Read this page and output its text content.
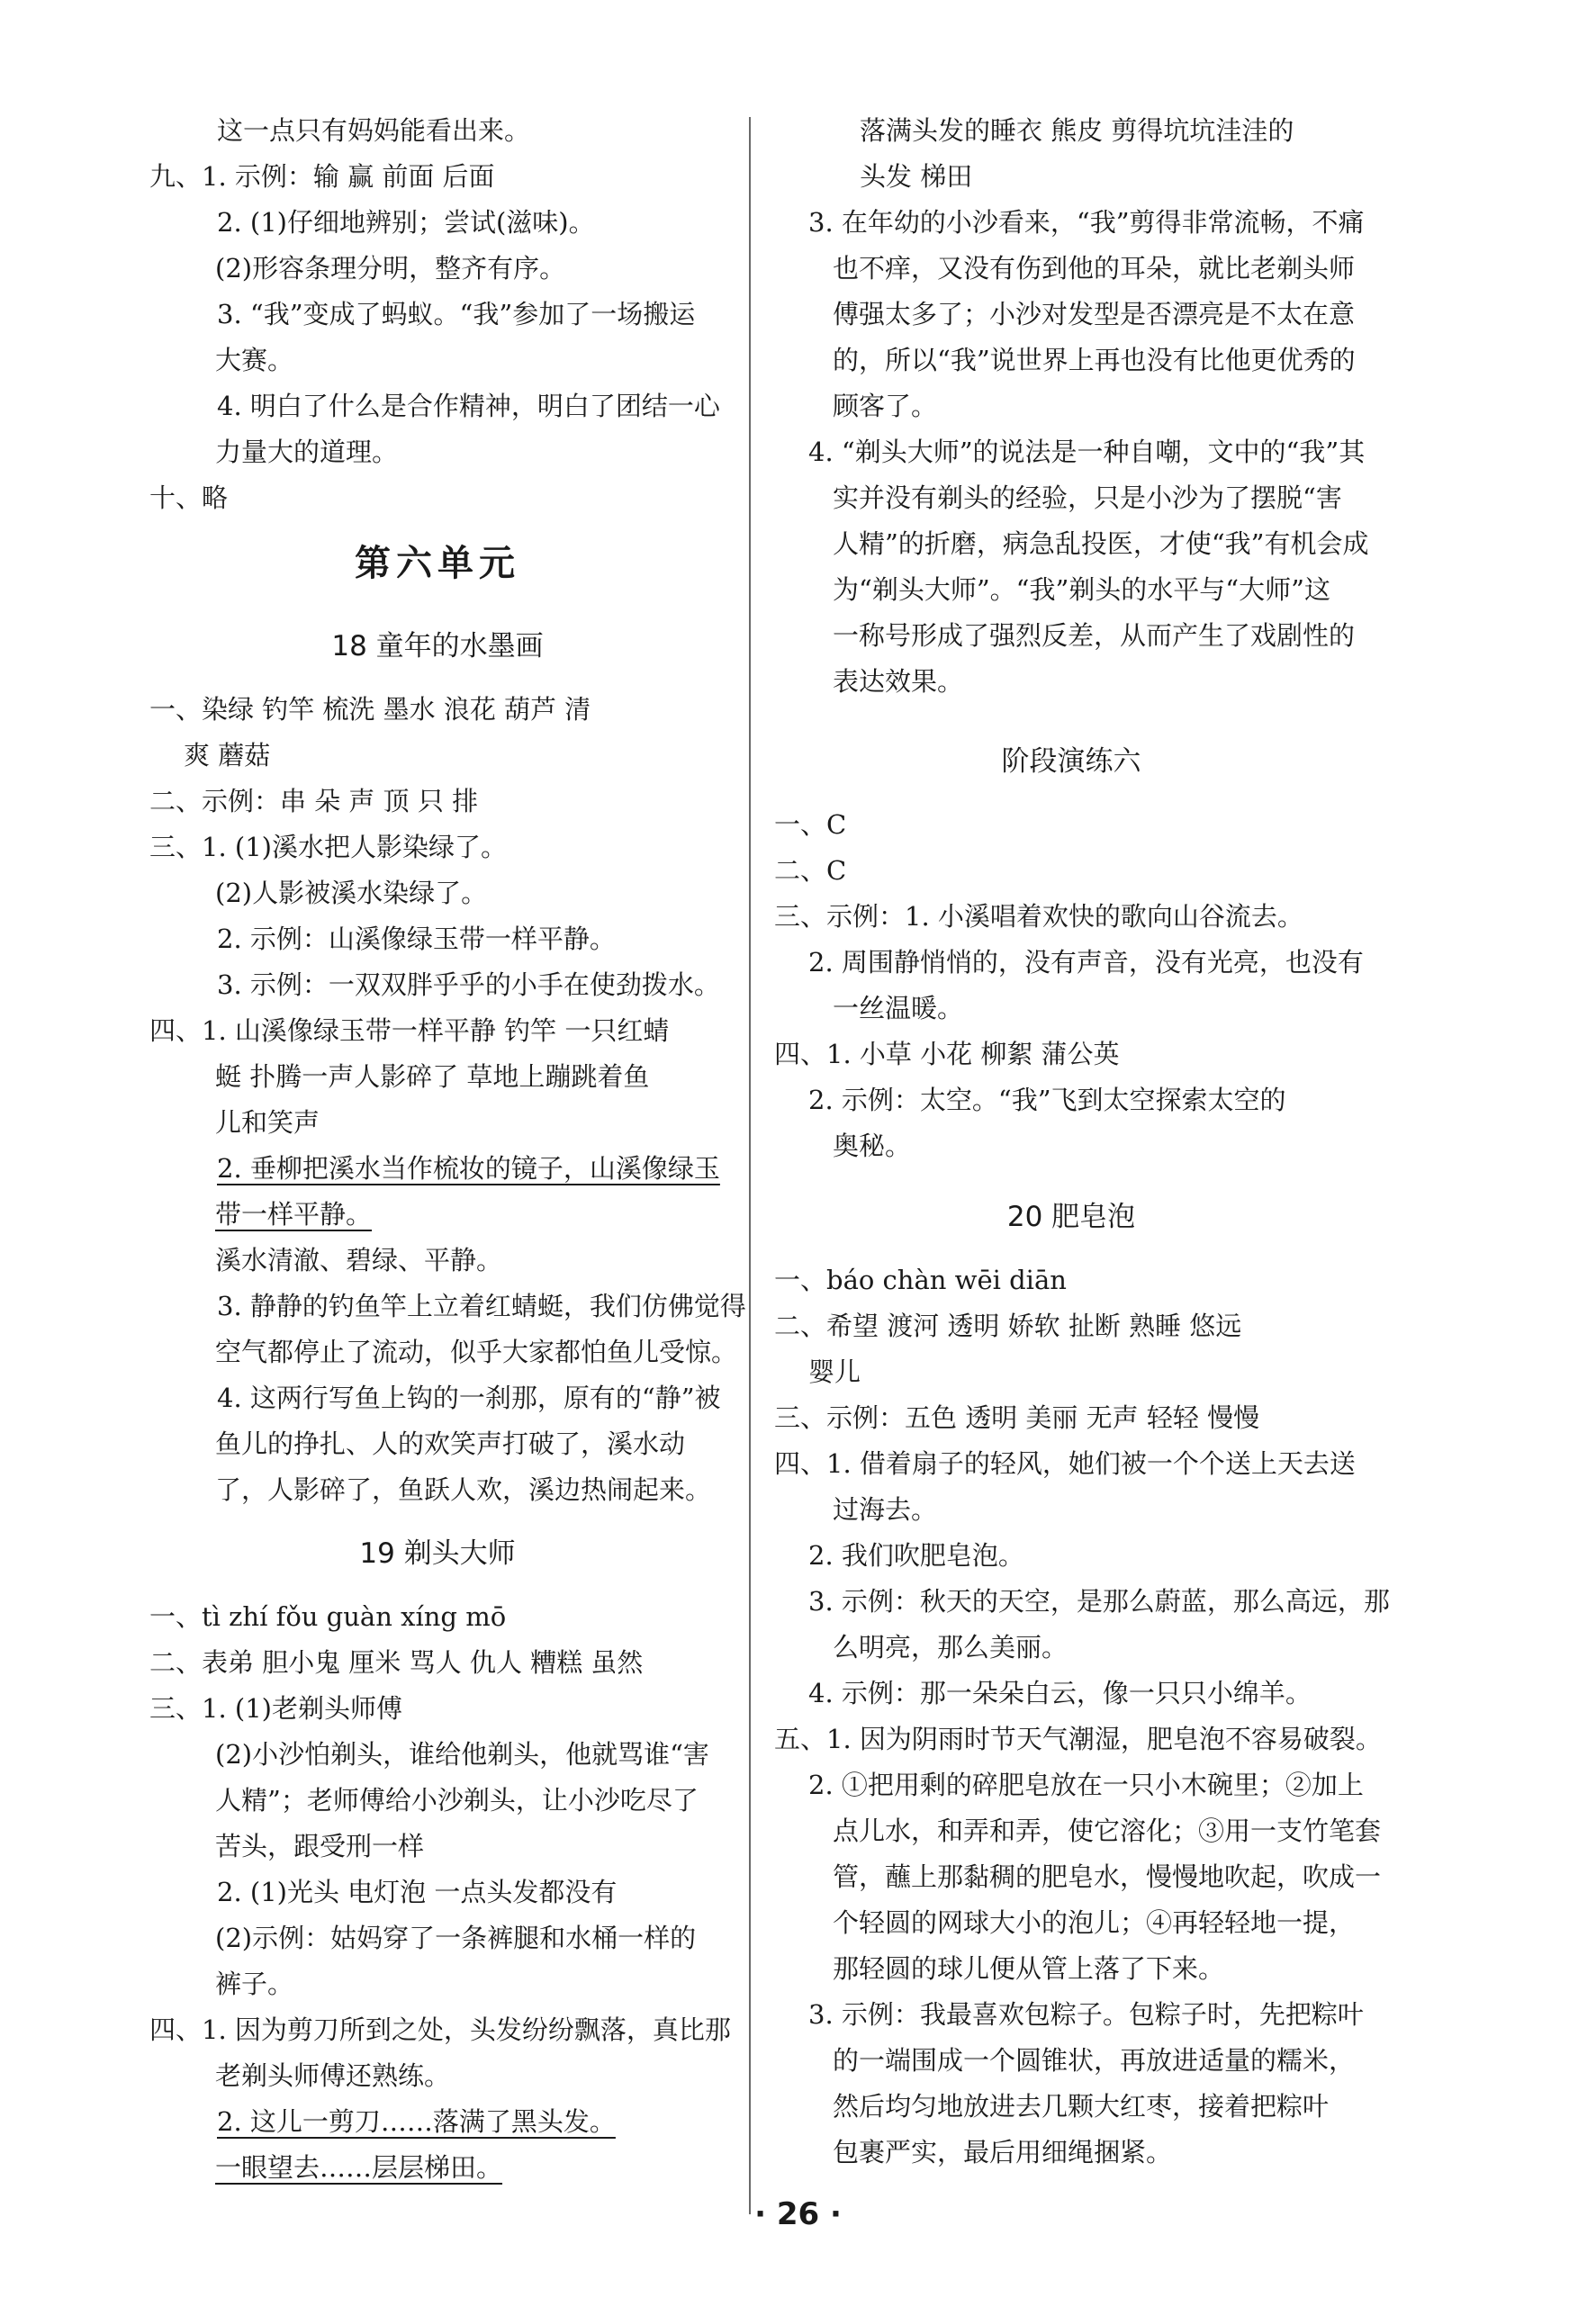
这一点只有妈妈能看出来。
九、1. 示例：输 赢 前面 后面
2. (1)仔细地辨别；尝试(滋味)。
(2)形容条理分明，整齐有序。
3. “我”变成了蚂蚁。“我”参加了一场搬运
大赛。
4. 明白了什么是合作精神，明白了团结一心
力量大的道理。
十、略
第六单元
18 童年的水墨画
一、染绿 钓竿 梳洗 墨水 浪花 葫芦 清
爽 蘑菇
二、示例：串 朵 声 顶 只 排
三、1. (1)溪水把人影染绿了。
(2)人影被溪水染绿了。
2. 示例：山溪像绿玉带一样平静。
3. 示例：一双双胖乎乎的小手在使劲拨水。
四、1. 山溪像绿玉带一样平静 钓竿 一只红蜻
蜓 扑腾一声人影碎了 草地上蹦跳着鱼
儿和笑声
2. 垂柳把溪水当作梳妆的镜子，山溪像绿玉
带一样平静。
溪水清澈、碧绿、平静。
3. 静静的钓鱼竿上立着红蜻蜓，我们仿佛觉得
空气都停止了流动，似乎大家都怕鱼儿受惊。
4. 这两行写鱼上钩的一刹那，原有的“静”被
鱼儿的挣扎、人的欢笑声打破了，溪水动
了，人影碎了，鱼跃人欢，溪边热闹起来。
19 剃头大师
一、tì zhí fǒu guàn xíng mō
二、表弟 胆小鬼 厘米 骂人 仇人 糟糕 虽然
三、1. (1)老剃头师傅
(2)小沙怕剃头，谁给他剃头，他就骂谁“害
人精”；老师傅给小沙剃头，让小沙吃尽了
苦头，跟受刑一样
2. (1)光头 电灯泡 一点头发都没有
(2)示例：姑妈穿了一条裤腿和水桶一样的
裤子。
四、1. 因为剪刀所到之处，头发纷纷飘落，真比那
老剃头师傅还熟练。
2. 这儿一剪刀……落满了黑头发。
一眼望去……层层梯田。
落满头发的睡衣 熊皮 剪得坑坑洼洼的
头发 梯田
3. 在年幼的小沙看来，“我”剪得非常流畅，不痛
也不痒，又没有伤到他的耳朵，就比老剃头师
傅强太多了；小沙对发型是否漂亮是不太在意
的，所以“我”说世界上再也没有比他更优秀的
顾客了。
4. “剃头大师”的说法是一种自嘲，文中的“我”其
实并没有剃头的经验，只是小沙为了摆脱“害
人精”的折磨，病急乱投医，才使“我”有机会成
为“剃头大师”。“我”剃头的水平与“大师”这
一称号形成了强烈反差，从而产生了戏剧性的
表达效果。
阶段演练六
一、C
二、C
三、示例：1. 小溪唱着欢快的歌向山谷流去。
2. 周围静悄悄的，没有声音，没有光亮，也没有
一丝温暖。
四、1. 小草 小花 柳絮 蒲公英
2. 示例：太空。“我”飞到太空探索太空的
奥秘。
20 肥皂泡
一、báo chàn wēi diān
二、希望 渡河 透明 娇软 扯断 熟睡 悠远
婴儿
三、示例：五色 透明 美丽 无声 轻轻 慢慢
四、1. 借着扇子的轻风，她们被一个个送上天去送
过海去。
2. 我们吹肥皂泡。
3. 示例：秋天的天空，是那么蔚蓝，那么高远，那
么明亮，那么美丽。
4. 示例：那一朵朵白云，像一只只小绵羊。
五、1. 因为阴雨时节天气潮湿，肥皂泡不容易破裂。
2. ①把用剩的碎肥皂放在一只小木碗里；②加上
点儿水，和弄和弄，使它溶化；③用一支竹笔套
管，蘸上那黏稠的肥皂水，慢慢地吹起，吹成一
个轻圆的网球大小的泡儿；④再轻轻地一提，
那轻圆的球儿便从管上落了下来。
3. 示例：我最喜欢包粽子。包粽子时，先把粽叶
的一端围成一个圆锥状，再放进适量的糯米，
然后均匀地放进去几颗大红枣，接着把粽叶
包裹严实，最后用细绳捆紧。
· 26 ·
